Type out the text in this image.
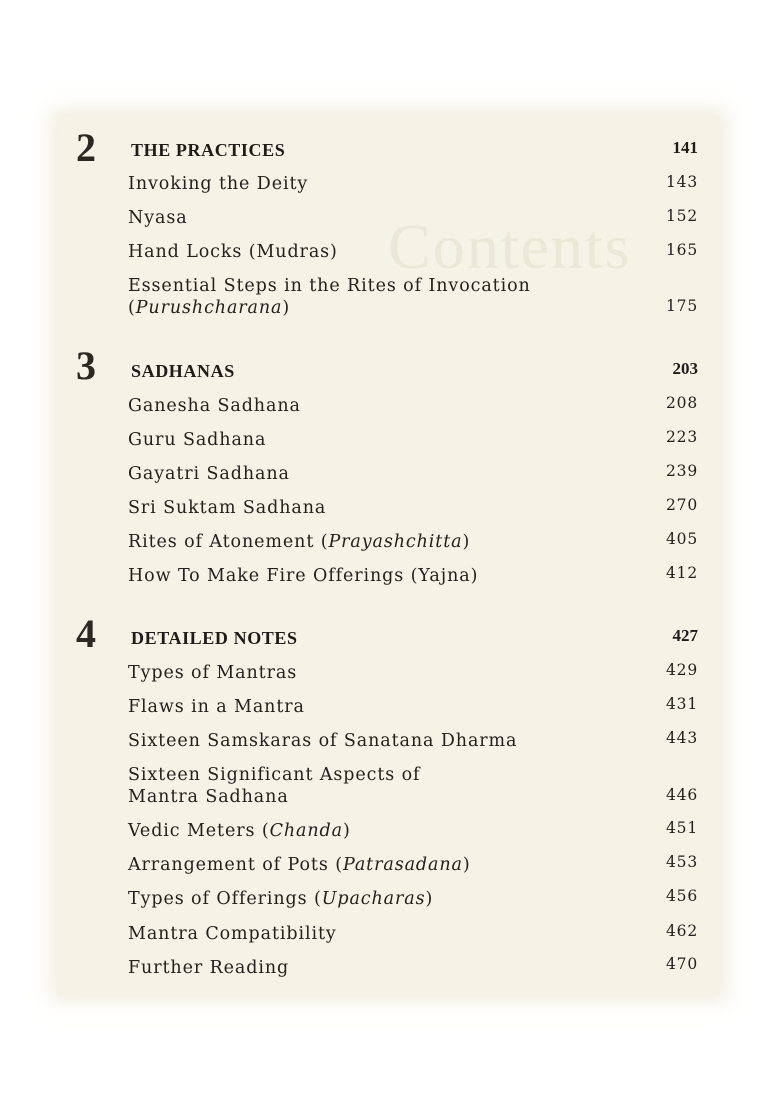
Contents
2 THE PRACTICES	141
Invoking the Deity	143
Nyasa	152
Hand Locks (Mudras)	165
Essential Steps in the Rites of Invocation
(Purushcharana)	175
3 SADHANAS	203
Ganesha Sadhana	208
Guru Sadhana	223
Gayatri Sadhana	239
Sri Suktam Sadhana	270
Rites of Atonement (Prayashchitta)	405
How To Make Fire Offerings (Yajna)	412
4 DETAILED NOTES	427
Types of Mantras	429
Flaws in a Mantra	431
Sixteen Samskaras of Sanatana Dharma	443
Sixteen Significant Aspects of
Mantra Sadhana	446
Vedic Meters (Chanda)	451
Arrangement of Pots (Patrasadana)	453
Types of Offerings (Upacharas)	456
Mantra Compatibility	462
Further Reading	470
